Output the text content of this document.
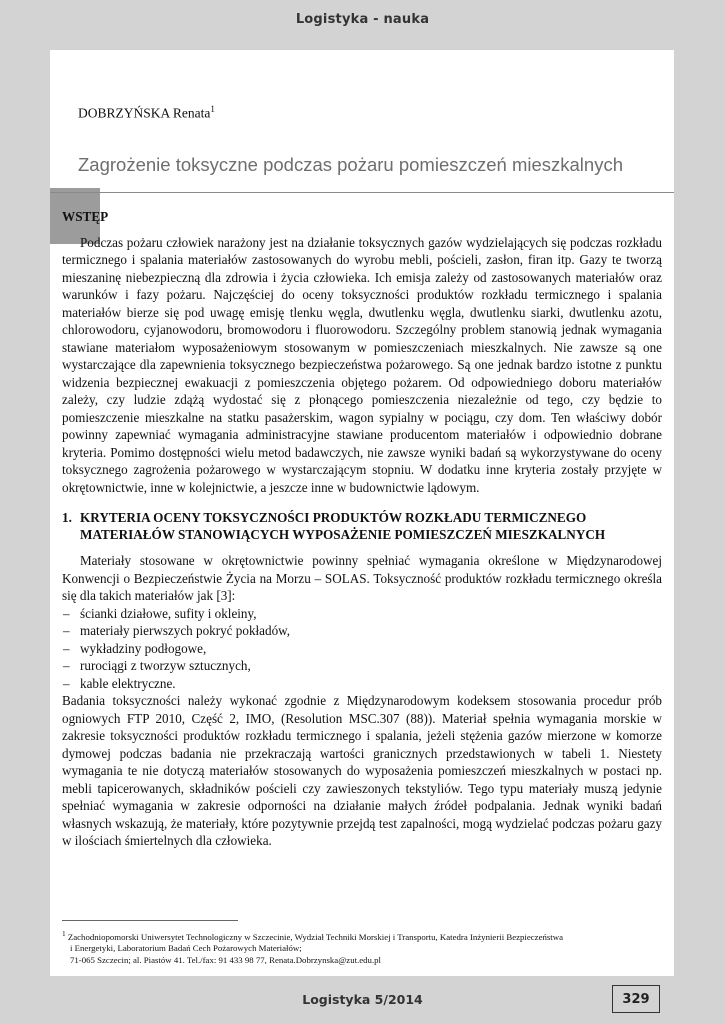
Logistyka - nauka
DOBRZYŃSKA Renata$^1$
Zagrożenie toksyczne podczas pożaru pomieszczeń mieszkalnych
WSTĘP

Podczas pożaru człowiek narażony jest na działanie toksycznych gazów wydzielających się podczas rozkładu termicznego i spalania materiałów zastosowanych do wyrobu mebli, pościeli, zasłon, firan itp. Gazy te tworzą mieszaninę niebezpieczną dla zdrowia i życia człowieka. Ich emisja zależy od zastosowanych materiałów oraz warunków i fazy pożaru. Najczęściej do oceny toksyczności produktów rozkładu termicznego i spalania materiałów bierze się pod uwagę emisję tlenku węgla, dwutlenku węgla, dwutlenku siarki, dwutlenku azotu, chlorowodoru, cyjanowodoru, bromowodoru i fluorowodoru. Szczególny problem stanowią jednak wymagania stawiane materiałom wyposażeniowym stosowanym w pomieszczeniach mieszkalnych. Nie zawsze są one wystarczające dla zapewnienia toksycznego bezpieczeństwa pożarowego. Są one jednak bardzo istotne z punktu widzenia bezpiecznej ewakuacji z pomieszczenia objętego pożarem. Od odpowiedniego doboru materiałów zależy, czy ludzie zdążą wydostać się z płonącego pomieszczenia niezależnie od tego, czy będzie to pomieszczenie mieszkalne na statku pasażerskim, wagon sypialny w pociągu, czy dom. Ten właściwy dobór powinny zapewniać wymagania administracyjne stawiane producentom materiałów i odpowiednio dobrane kryteria. Pomimo dostępności wielu metod badawczych, nie zawsze wyniki badań są wykorzystywane do oceny toksycznego zagrożenia pożarowego w wystarczającym stopniu. W dodatku inne kryteria zostały przyjęte w okrętownictwie, inne w kolejnictwie, a jeszcze inne w budownictwie lądowym.

1. KRYTERIA OCENY TOKSYCZNOŚCI PRODUKTÓW ROZKŁADU TERMICZNEGO MATERIAŁÓW STANOWIĄCYCH WYPOSAŻENIE POMIESZCZEŃ MIESZKALNYCH

Materiały stosowane w okrętownictwie powinny spełniać wymagania określone w Międzynarodowej Konwencji o Bezpieczeństwie Życia na Morzu – SOLAS. Toksyczność produktów rozkładu termicznego określa się dla takich materiałów jak [3]:

– ścianki działowe, sufity i okleiny,
– materiały pierwszych pokryć pokładów,
– wykładziny podłogowe,
– rurociągi z tworzyw sztucznych,
– kable elektryczne.

Badania toksyczności należy wykonać zgodnie z Międzynarodowym kodeksem stosowania procedur prób ogniowych FTP 2010, Część 2, IMO, (Resolution MSC.307 (88)). Materiał spełnia wymagania morskie w zakresie toksyczności produktów rozkładu termicznego i spalania, jeżeli stężenia gazów mierzone w komorze dymowej podczas badania nie przekraczają wartości granicznych przedstawionych w tabeli 1. Niestety wymagania te nie dotyczą materiałów stosowanych do wyposażenia pomieszczeń mieszkalnych w postaci np. mebli tapicerowanych, składników pościeli czy zawieszonych tekstyliów. Tego typu materiały muszą jedynie spełniać wymagania w zakresie odporności na działanie małych źródeł podpalania. Jednak wyniki badań własnych wskazują, że materiały, które pozytywnie przejdą test zapalności, mogą wydzielać podczas pożaru gazy w ilościach śmiertelnych dla człowieka.

$^1$ Zachodniopomorski Uniwersytet Technologiczny w Szczecinie, Wydział Techniki Morskiej i Transportu, Katedra Inżynierii Bezpieczeństwa
i Energetyki, Laboratorium Badań Cech Pożarowych Materiałów;
71-065 Szczecin; al. Piastów 41. Tel./fax: 91 433 98 77, Renata.Dobrzynska@zut.edu.pl
Logistyka 5/2014	329
